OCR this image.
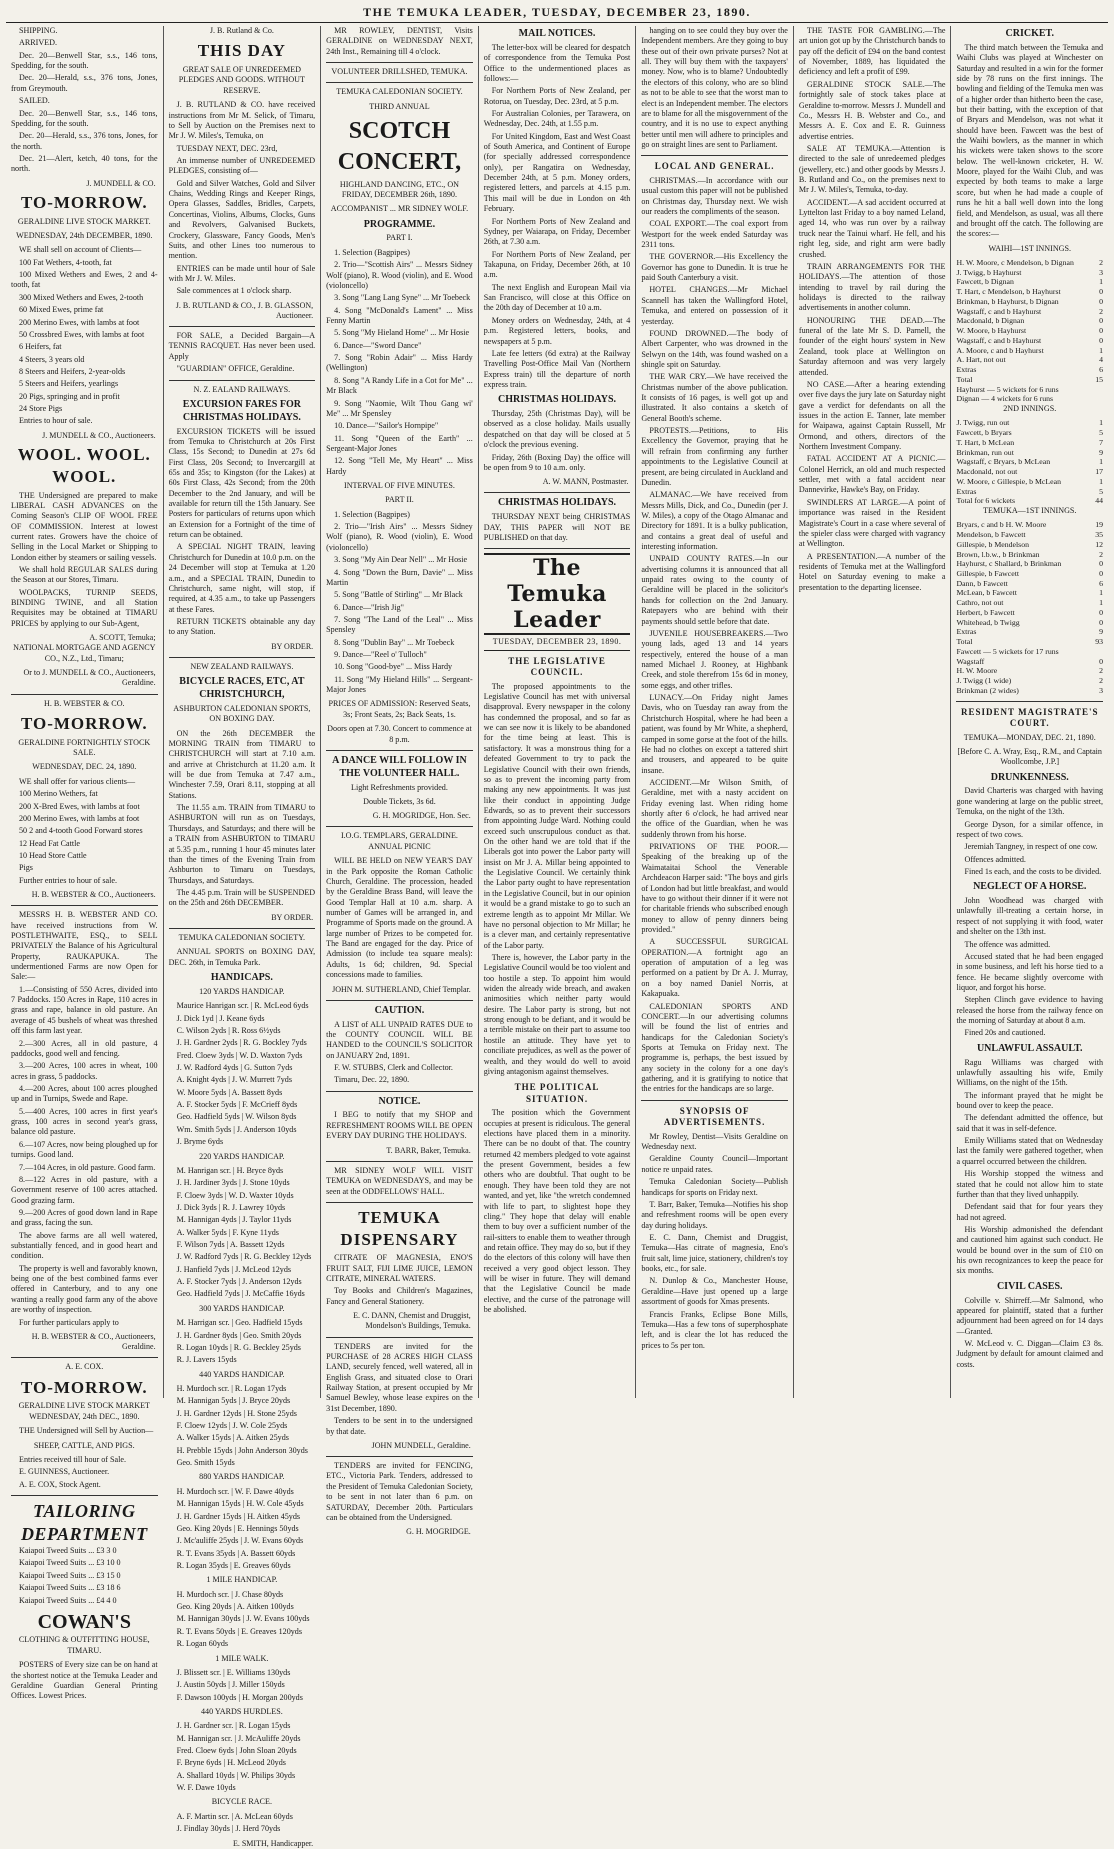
THE TEMUKA LEADER, TUESDAY, DECEMBER 23, 1890.

SHIPPING.

ARRIVED.

Dec. 20—Benwell Star, s.s., 146 tons, Spedding, for the south.

Dec. 20—Herald, s.s., 376 tons, Jones, from Greymouth.

SAILED.

Dec. 20—Benwell Star, s.s., 146 tons, Spedding, for the south.

Dec. 20—Herald, s.s., 376 tons, Jones, for the north.

Dec. 21—Alert, ketch, 40 tons, for the north.

J. MUNDELL & CO.
TO-MORROW.
GERALDINE LIVE STOCK MARKET.
WEDNESDAY, 24th DECEMBER, 1890.

WE shall sell on account of Clients—

100 Fat Wethers, 4-tooth, fat

100 Mixed Wethers and Ewes, 2 and 4-tooth, fat

300 Mixed Wethers and Ewes, 2-tooth

60 Mixed Ewes, prime fat

200 Merino Ewes, with lambs at foot

50 Crossbred Ewes, with lambs at foot

6 Heifers, fat

4 Steers, 3 years old

8 Steers and Heifers, 2-year-olds

5 Steers and Heifers, yearlings

20 Pigs, springing and in profit

24 Store Pigs

Entries to hour of sale.

J. MUNDELL & CO., Auctioneers.
WOOL. WOOL. WOOL.

THE Undersigned are prepared to make LIBERAL CASH ADVANCES on the Coming Season's CLIP OF WOOL FREE OF COMMISSION. Interest at lowest current rates. Growers have the choice of Selling in the Local Market or Shipping to London either by steamers or sailing vessels.

We shall hold REGULAR SALES during the Season at our Stores, Timaru.

WOOLPACKS, TURNIP SEEDS, BINDING TWINE, and all Station Requisites may be obtained at TIMARU PRICES by applying to our Sub-Agent,

A. SCOTT, Temuka;
NATIONAL MORTGAGE AND AGENCY CO., N.Z., Ltd., Timaru;
Or to J. MUNDELL & CO., Auctioneers, Geraldine.
H. B. WEBSTER & CO.
TO-MORROW.
GERALDINE FORTNIGHTLY STOCK SALE.
WEDNESDAY, DEC. 24, 1890.

WE shall offer for various clients—

100 Merino Wethers, fat

200 X-Bred Ewes, with lambs at foot

200 Merino Ewes, with lambs at foot

50 2 and 4-tooth Good Forward stores

12 Head Fat Cattle

10 Head Store Cattle

Pigs

Further entries to hour of sale.

H. B. WEBSTER & CO., Auctioneers.

MESSRS H. B. WEBSTER AND CO. have received instructions from W. POSTLETHWAITE, ESQ., to SELL PRIVATELY the Balance of his Agricultural Property, RAUKAPUKA. The undermentioned Farms are now Open for Sale:—

1.—Consisting of 550 Acres, divided into 7 Paddocks. 150 Acres in Rape, 110 acres in grass and rape, balance in old pasture. An average of 45 bushels of wheat was threshed off this farm last year.

2.—300 Acres, all in old pasture, 4 paddocks, good well and fencing.

3.—200 Acres, 100 acres in wheat, 100 acres in grass, 5 paddocks.

4.—200 Acres, about 100 acres ploughed up and in Turnips, Swede and Rape.

5.—400 Acres, 100 acres in first year's grass, 100 acres in second year's grass, balance old pasture.

6.—107 Acres, now being ploughed up for turnips. Good land.

7.—104 Acres, in old pasture. Good farm.

8.—122 Acres in old pasture, with a Government reserve of 100 acres attached. Good grazing farm.

9.—200 Acres of good down land in Rape and grass, facing the sun.

The above farms are all well watered, substantially fenced, and in good heart and condition.

The property is well and favorably known, being one of the best combined farms ever offered in Canterbury, and to any one wanting a really good farm any of the above are worthy of inspection.

For further particulars apply to

H. B. WEBSTER & CO., Auctioneers, Geraldine.
A. E. COX.
TO-MORROW.
GERALDINE LIVE STOCK MARKET WEDNESDAY, 24th DEC., 1890.

THE Undersigned will Sell by Auction—

SHEEP, CATTLE, AND PIGS.

Entries received till hour of Sale.

E. GUINNESS, Auctioneer.

A. E. COX, Stock Agent.

TAILORING DEPARTMENT

Kaiapoi Tweed Suits ... £3 3 0

Kaiapoi Tweed Suits ... £3 10 0

Kaiapoi Tweed Suits ... £3 15 0

Kaiapoi Tweed Suits ... £3 18 6

Kaiapoi Tweed Suits ... £4 4 0

COWAN'S
CLOTHING & OUTFITTING HOUSE, TIMARU.

POSTERS of Every size can be on hand at the shortest notice at the Temuka Leader and Geraldine Guardian General Printing Offices. Lowest Prices.

J. B. Rutland & Co.
THIS DAY
GREAT SALE OF UNREDEEMED PLEDGES AND GOODS. WITHOUT RESERVE.

J. B. RUTLAND & CO. have received instructions from Mr M. Selick, of Timaru, to Sell by Auction on the Premises next to Mr J. W. Miles's, Temuka, on

TUESDAY NEXT, DEC. 23rd,

An immense number of UNREDEEMED PLEDGES, consisting of—

Gold and Silver Watches, Gold and Silver Chains, Wedding Rings and Keeper Rings, Opera Glasses, Saddles, Bridles, Carpets, Concertinas, Violins, Albums, Clocks, Guns and Revolvers, Galvanised Buckets, Crockery, Glassware, Fancy Goods, Men's Suits, and other Lines too numerous to mention.

ENTRIES can be made until hour of Sale with Mr J. W. Miles.

Sale commences at 1 o'clock sharp.

J. B. RUTLAND & CO., J. B. GLASSON, Auctioneer.

FOR SALE, a Decided Bargain—A TENNIS RACQUET. Has never been used. Apply

"GUARDIAN" OFFICE, Geraldine.

N. Z. EALAND RAILWAYS.
EXCURSION FARES FOR CHRISTMAS HOLIDAYS.

EXCURSION TICKETS will be issued from Temuka to Christchurch at 20s First Class, 15s Second; to Dunedin at 27s 6d First Class, 20s Second; to Invercargill at 65s and 35s; to Kingston (for the Lakes) at 60s First Class, 42s Second; from the 20th December to the 2nd January, and will be available for return till the 15th January. See Posters for particulars of returns upon which an Extension for a Fortnight of the time of return can be obtained.

A SPECIAL NIGHT TRAIN, leaving Christchurch for Dunedin at 10.0 p.m. on the 24 December will stop at Temuka at 1.20 a.m., and a SPECIAL TRAIN, Dunedin to Christchurch, same night, will stop, if required, at 4.35 a.m., to take up Passengers at these Fares.

RETURN TICKETS obtainable any day to any Station.

BY ORDER.
NEW ZEALAND RAILWAYS.
BICYCLE RACES, ETC, AT CHRISTCHURCH,
ASHBURTON CALEDONIAN SPORTS, ON BOXING DAY.

ON the 26th DECEMBER the MORNING TRAIN from TIMARU to CHRISTCHURCH will start at 7.10 a.m. and arrive at Christchurch at 11.20 a.m. It will be due from Temuka at 7.47 a.m., Winchester 7.59, Orari 8.11, stopping at all Stations.

The 11.55 a.m. TRAIN from TIMARU to ASHBURTON will run as on Tuesdays, Thursdays, and Saturdays; and there will be a TRAIN from ASHBURTON to TIMARU at 5.35 p.m., running 1 hour 45 minutes later than the times of the Evening Train from Ashburton to Timaru on Tuesdays, Thursdays, and Saturdays.

The 4.45 p.m. Train will be SUSPENDED on the 25th and 26th DECEMBER.

BY ORDER.
TEMUKA CALEDONIAN SOCIETY.

ANNUAL SPORTS on BOXING DAY, DEC. 26th, in Temuka Park.

HANDICAPS.
120 YARDS HANDICAP.

Maurice Hanrigan scr. | R. McLeod 6yds

J. Dick 1yd | J. Keane 6yds

C. Wilson 2yds | R. Ross 6½yds

J. H. Gardner 2yds | R. G. Bockley 7yds

Fred. Cloew 3yds | W. D. Waxton 7yds

J. W. Radford 4yds | G. Sutton 7yds

A. Knight 4yds | J. W. Murrett 7yds

W. Moore 5yds | A. Bassett 8yds

A. F. Stocker 5yds | F. McCrieff 8yds

Geo. Hadfield 5yds | W. Wilson 8yds

Wm. Smith 5yds | J. Anderson 10yds

J. Bryme 6yds

220 YARDS HANDICAP.

M. Hanrigan scr. | H. Bryce 8yds

J. H. Jardiner 3yds | J. Stone 10yds

F. Cloew 3yds | W. D. Waxter 10yds

J. Dick 3yds | R. J. Lawrey 10yds

M. Hannigan 4yds | J. Taylor 11yds

A. Walker 5yds | F. Kyne 11yds

F. Wilson 7yds | A. Bassett 12yds

J. W. Radford 7yds | R. G. Beckley 12yds

J. Hanfield 7yds | J. McLeod 12yds

A. F. Stocker 7yds | J. Anderson 12yds

Geo. Hadfield 7yds | J. McCaffie 16yds

300 YARDS HANDICAP.

M. Harrigan scr. | Geo. Hadfield 15yds

J. H. Gardner 8yds | Geo. Smith 20yds

R. Logan 10yds | R. G. Beckley 25yds

R. J. Lavers 15yds

440 YARDS HANDICAP.

H. Murdoch scr. | R. Logan 17yds

M. Hannigan 5yds | J. Bryce 20yds

J. H. Gardner 12yds | H. Stone 25yds

F. Cloew 12yds | J. W. Cole 25yds

A. Walker 15yds | A. Aitken 25yds

H. Prebble 15yds | John Anderson 30yds

Geo. Smith 15yds

880 YARDS HANDICAP.

H. Murdoch scr. | W. F. Dawe 40yds

M. Hannigan 15yds | H. W. Cole 45yds

J. H. Gardner 15yds | H. Aitken 45yds

Geo. King 20yds | E. Hennings 50yds

J. Mc'auliffe 25yds | J. W. Evans 60yds

R. T. Evans 35yds | A. Bassett 60yds

R. Logan 35yds | E. Greaves 60yds

1 MILE HANDICAP.

H. Murdoch scr. | J. Chase 80yds

Geo. King 20yds | A. Aitken 100yds

M. Hannigan 30yds | J. W. Evans 100yds

R. T. Evans 50yds | E. Greaves 120yds

R. Logan 60yds

1 MILE WALK.

J. Blissett scr. | E. Williams 130yds

J. Austin 50yds | J. Miller 150yds

F. Dawson 100yds | H. Morgan 200yds

440 YARDS HURDLES.

J. H. Gardner scr. | R. Logan 15yds

M. Hannigan scr. | J. McAuliffe 20yds

Fred. Cloew 6yds | John Sloan 20yds

F. Bryne 6yds | H. McLeod 20yds

A. Shallard 10yds | W. Philips 30yds

W. F. Dawe 10yds

BICYCLE RACE.

A. F. Martin scr. | A. McLean 60yds

J. Findlay 30yds | J. Herd 70yds

E. SMITH, Handicapper.

MR ROWLEY, DENTIST, Visits GERALDINE on WEDNESDAY NEXT, 24th Inst., Remaining till 4 o'clock.

VOLUNTEER DRILLSHED, TEMUKA.
TEMUKA CALEDONIAN SOCIETY.
THIRD ANNUAL
SCOTCH CONCERT,
HIGHLAND DANCING, ETC., ON FRIDAY, DECEMBER 26th, 1890.
ACCOMPANIST ... MR SIDNEY WOLF.
PROGRAMME.
PART I.

1. Selection (Bagpipes)

2. Trio—"Scottish Airs" ... Messrs Sidney Wolf (piano), R. Wood (violin), and E. Wood (violoncello)

3. Song "Lang Lang Syne" ... Mr Toebeck

4. Song "McDonald's Lament" ... Miss Fenny Martin

5. Song "My Hieland Home" ... Mr Hosie

6. Dance—"Sword Dance"

7. Song "Robin Adair" ... Miss Hardy (Wellington)

8. Song "A Randy Life in a Cot for Me" ... Mr Black

9. Song "Naomie, Wilt Thou Gang wi' Me" ... Mr Spensley

10. Dance—"Sailor's Hornpipe"

11. Song "Queen of the Earth" ... Sergeant-Major Jones

12. Song "Tell Me, My Heart" ... Miss Hardy

INTERVAL OF FIVE MINUTES.
PART II.

1. Selection (Bagpipes)

2. Trio—"Irish Airs" ... Messrs Sidney Wolf (piano), R. Wood (violin), E. Wood (violoncello)

3. Song "My Ain Dear Nell" ... Mr Hosie

4. Song "Down the Burn, Davie" ... Miss Martin

5. Song "Battle of Stirling" ... Mr Black

6. Dance—"Irish Jig"

7. Song "The Land of the Leal" ... Miss Spensley

8. Song "Dublin Bay" ... Mr Toebeck

9. Dance—"Reel o' Tulloch"

10. Song "Good-bye" ... Miss Hardy

11. Song "My Hieland Hills" ... Sergeant-Major Jones

PRICES OF ADMISSION: Reserved Seats, 3s; Front Seats, 2s; Back Seats, 1s.
Doors open at 7.30. Concert to commence at 8 p.m.
A DANCE WILL FOLLOW IN THE VOLUNTEER HALL.
Light Refreshments provided.
Double Tickets, 3s 6d.
G. H. MOGRIDGE, Hon. Sec.
I.O.G. TEMPLARS, GERALDINE. ANNUAL PICNIC

WILL BE HELD on NEW YEAR'S DAY in the Park opposite the Roman Catholic Church, Geraldine. The procession, headed by the Geraldine Brass Band, will leave the Good Templar Hall at 10 a.m. sharp. A number of Games will be arranged in, and Programme of Sports made on the ground. A large number of Prizes to be competed for. The Band are engaged for the day. Price of Admission (to include tea square meals): Adults, 1s 6d; children, 9d. Special concessions made to families.

JOHN M. SUTHERLAND, Chief Templar.
CAUTION.

A LIST of ALL UNPAID RATES DUE to the COUNTY COUNCIL WILL BE HANDED to the COUNCIL'S SOLICITOR on JANUARY 2nd, 1891.

F. W. STUBBS, Clerk and Collector.

Timaru, Dec. 22, 1890.

NOTICE.

I BEG to notify that my SHOP and REFRESHMENT ROOMS WILL BE OPEN EVERY DAY DURING THE HOLIDAYS.

T. BARR, Baker, Temuka.

MR SIDNEY WOLF WILL VISIT TEMUKA on WEDNESDAYS, and may be seen at the ODDFELLOWS' HALL.

TEMUKA DISPENSARY

CITRATE OF MAGNESIA, ENO'S FRUIT SALT, FIJI LIME JUICE, LEMON CITRATE, MINERAL WATERS.

Toy Books and Children's Magazines, Fancy and General Stationery.

E. C. DANN, Chemist and Druggist, Mondelson's Buildings, Temuka.

TENDERS are invited for the PURCHASE of 28 ACRES HIGH CLASS LAND, securely fenced, well watered, all in English Grass, and situated close to Orari Railway Station, at present occupied by Mr Samuel Bewley, whose lease expires on the 31st December, 1890.

Tenders to be sent in to the undersigned by that date.

JOHN MUNDELL, Geraldine.

TENDERS are invited for FENCING, ETC., Victoria Park. Tenders, addressed to the President of Temuka Caledonian Society, to be sent in not later than 6 p.m. on SATURDAY, December 20th. Particulars can be obtained from the Undersigned.

G. H. MOGRIDGE.
MAIL NOTICES.

The letter-box will be cleared for despatch of correspondence from the Temuka Post Office to the undermentioned places as follows:—

For Northern Ports of New Zealand, per Rotorua, on Tuesday, Dec. 23rd, at 5 p.m.

For Australian Colonies, per Tarawera, on Wednesday, Dec. 24th, at 1.55 p.m.

For United Kingdom, East and West Coast of South America, and Continent of Europe (for specially addressed correspondence only), per Rangatira on Wednesday, December 24th, at 5 p.m. Money orders, registered letters, and parcels at 4.15 p.m. This mail will be due in London on 4th February.

For Northern Ports of New Zealand and Sydney, per Waiarapa, on Friday, December 26th, at 7.30 a.m.

For Northern Ports of New Zealand, per Takapuna, on Friday, December 26th, at 10 a.m.

The next English and European Mail via San Francisco, will close at this Office on the 20th day of December at 10 a.m.

Money orders on Wednesday, 24th, at 4 p.m. Registered letters, books, and newspapers at 5 p.m.

Late fee letters (6d extra) at the Railway Travelling Post-Office Mail Van (Northern Express train) till the departure of north express train.

CHRISTMAS HOLIDAYS.

Thursday, 25th (Christmas Day), will be observed as a close holiday. Mails usually despatched on that day will be closed at 5 o'clock the previous evening.

Friday, 26th (Boxing Day) the office will be open from 9 to 10 a.m. only.

A. W. MANN, Postmaster.
CHRISTMAS HOLIDAYS.

THURSDAY NEXT being CHRISTMAS DAY, THIS PAPER will NOT BE PUBLISHED on that day.

The Temuka Leader
TUESDAY, DECEMBER 23, 1890.
THE LEGISLATIVE COUNCIL.

The proposed appointments to the Legislative Council has met with universal disapproval. Every newspaper in the colony has condemned the proposal, and so far as we can see now it is likely to be abandoned for the time being at least. This is satisfactory. It was a monstrous thing for a defeated Government to try to pack the Legislative Council with their own friends, so as to prevent the incoming party from making any new appointments. It was just like their conduct in appointing Judge Edwards, so as to prevent their successors from appointing Judge Ward. Nothing could exceed such unscrupulous conduct as that. On the other hand we are told that if the Liberals got into power the Labor party will insist on Mr J. A. Millar being appointed to the Legislative Council. We certainly think the Labor party ought to have representation in the Legislative Council, but in our opinion it would be a grand mistake to go to such an extreme length as to appoint Mr Millar. We have no personal objection to Mr Millar; he is a clever man, and certainly representative of the Labor party.

There is, however, the Labor party in the Legislative Council would be too violent and too hostile a step. To appoint him would widen the already wide breach, and awaken animosities which neither party would desire. The Labor party is strong, but not strong enough to be defiant, and it would be a terrible mistake on their part to assume too hostile an attitude. They have yet to conciliate prejudices, as well as the power of wealth, and they would do well to avoid giving antagonism against themselves.

THE POLITICAL SITUATION.

The position which the Government occupies at present is ridiculous. The general elections have placed them in a minority. There can be no doubt of that. The country returned 42 members pledged to vote against the present Government, besides a few others who are doubtful. That ought to be enough. They have been told they are not wanted, and yet, like "the wretch condemned with life to part, to slightest hope they cling." They hope that delay will enable them to buy over a sufficient number of the rail-sitters to enable them to weather through and retain office. They may do so, but if they do the electors of this colony will have then received a very good object lesson. They will be wiser in future. They will demand that the Legislative Council be made elective, and the curse of the patronage will be abolished.

hanging on to see could they buy over the Independent members. Are they going to buy these out of their own private purses? Not at all. They will buy them with the taxpayers' money. Now, who is to blame? Undoubtedly the electors of this colony, who are so blind as not to be able to see that the worst man to elect is an Independent member. The electors are to blame for all the misgovernment of the country, and it is no use to expect anything better until men will adhere to principles and go on straight lines are sent to Parliament.

LOCAL AND GENERAL.

CHRISTMAS.—In accordance with our usual custom this paper will not be published on Christmas day, Thursday next. We wish our readers the compliments of the season.

COAL EXPORT.—The coal export from Westport for the week ended Saturday was 2311 tons.

THE GOVERNOR.—His Excellency the Governor has gone to Dunedin. It is true he paid South Canterbury a visit.

HOTEL CHANGES.—Mr Michael Scannell has taken the Wallingford Hotel, Temuka, and entered on possession of it yesterday.

FOUND DROWNED.—The body of Albert Carpenter, who was drowned in the Selwyn on the 14th, was found washed on a shingle spit on Saturday.

THE WAR CRY.—We have received the Christmas number of the above publication. It consists of 16 pages, is well got up and illustrated. It also contains a sketch of General Booth's scheme.

PROTESTS.—Petitions, to His Excellency the Governor, praying that he will refrain from confirming any further appointments to the Legislative Council at present, are being circulated in Auckland and Dunedin.

ALMANAC.—We have received from Messrs Mills, Dick, and Co., Dunedin (per J. W. Miles), a copy of the Otago Almanac and Directory for 1891. It is a bulky publication, and contains a great deal of useful and interesting information.

UNPAID COUNTY RATES.—In our advertising columns it is announced that all unpaid rates owing to the county of Geraldine will be placed in the solicitor's hands for collection on the 2nd January. Ratepayers who are behind with their payments should settle before that date.

JUVENILE HOUSEBREAKERS.—Two young lads, aged 13 and 14 years respectively, entered the house of a man named Michael J. Rooney, at Highbank Creek, and stole therefrom 15s 6d in money, some eggs, and other trifles.

LUNACY.—On Friday night James Davis, who on Tuesday ran away from the Christchurch Hospital, where he had been a patient, was found by Mr White, a shepherd, camped in some gorse at the foot of the hills. He had no clothes on except a tattered shirt and trousers, and appeared to be quite insane.

ACCIDENT.—Mr Wilson Smith, of Geraldine, met with a nasty accident on Friday evening last. When riding home shortly after 6 o'clock, he had arrived near the office of the Guardian, when he was suddenly thrown from his horse.

PRIVATIONS OF THE POOR.—Speaking of the breaking up of the Waimataitai School the Venerable Archdeacon Harper said: "The boys and girls of London had but little breakfast, and would have to go without their dinner if it were not for charitable friends who subscribed enough money to allow of penny dinners being provided."

A SUCCESSFUL SURGICAL OPERATION.—A fortnight ago an operation of amputation of a leg was performed on a patient by Dr A. J. Murray, on a boy named Daniel Norris, at Kakapuaka.

CALEDONIAN SPORTS AND CONCERT.—In our advertising columns will be found the list of entries and handicaps for the Caledonian Society's Sports at Temuka on Friday next. The programme is, perhaps, the best issued by any society in the colony for a one day's gathering, and it is gratifying to notice that the entries for the handicaps are so large.

SYNOPSIS OF ADVERTISEMENTS.

Mr Rowley, Dentist—Visits Geraldine on Wednesday next.

Geraldine County Council—Important notice re unpaid rates.

Temuka Caledonian Society—Publish handicaps for sports on Friday next.

T. Barr, Baker, Temuka—Notifies his shop and refreshment rooms will be open every day during holidays.

E. C. Dann, Chemist and Druggist, Temuka—Has citrate of magnesia, Eno's fruit salt, lime juice, stationery, children's toy books, etc., for sale.

N. Dunlop & Co., Manchester House, Geraldine—Have just opened up a large assortment of goods for Xmas presents.

Francis Franks, Eclipse Bone Mills, Temuka—Has a few tons of superphosphate left, and is clear the lot has reduced the prices to 5s per ton.

THE TASTE FOR GAMBLING.—The art union got up by the Christchurch bands to pay off the deficit of £94 on the band contest of November, 1889, has liquidated the deficiency and left a profit of £99.

GERALDINE STOCK SALE.—The fortnightly sale of stock takes place at Geraldine to-morrow. Messrs J. Mundell and Co., Messrs H. B. Webster and Co., and Messrs A. E. Cox and E. R. Guinness advertise entries.

SALE AT TEMUKA.—Attention is directed to the sale of unredeemed pledges (jewellery, etc.) and other goods by Messrs J. B. Rutland and Co., on the premises next to Mr J. W. Miles's, Temuka, to-day.

ACCIDENT.—A sad accident occurred at Lyttelton last Friday to a boy named Leland, aged 14, who was run over by a railway truck near the Tainui wharf. He fell, and his right leg, side, and right arm were badly crushed.

TRAIN ARRANGEMENTS FOR THE HOLIDAYS.—The attention of those intending to travel by rail during the holidays is directed to the railway advertisements in another column.

HONOURING THE DEAD.—The funeral of the late Mr S. D. Parnell, the founder of the eight hours' system in New Zealand, took place at Wellington on Saturday afternoon and was very largely attended.

NO CASE.—After a hearing extending over five days the jury late on Saturday night gave a verdict for defendants on all the issues in the action E. Tanner, late member for Waipawa, against Captain Russell, Mr Ormond, and others, directors of the Northern Investment Company.

FATAL ACCIDENT AT A PICNIC.—Colonel Herrick, an old and much respected settler, met with a fatal accident near Dannevirke, Hawke's Bay, on Friday.

SWINDLERS AT LARGE.—A point of importance was raised in the Resident Magistrate's Court in a case where several of the spieler class were charged with vagrancy at Wellington.

A PRESENTATION.—A number of the residents of Temuka met at the Wallingford Hotel on Saturday evening to make a presentation to the departing licensee.

CRICKET.

The third match between the Temuka and Waihi Clubs was played at Winchester on Saturday and resulted in a win for the former side by 78 runs on the first innings. The bowling and fielding of the Temuka men was of a higher order than hitherto been the case, but their batting, with the exception of that of Bryars and Mendelson, was not what it should have been. Fawcett was the best of the Waihi bowlers, as the manner in which his wickets were taken shows to the score below. The well-known cricketer, H. W. Moore, played for the Waihi Club, and was expected by both teams to make a large score, but when he had made a couple of runs he hit a ball well down into the long field, and Mendelson, as usual, was all there and brought off the catch. The following are the scores:—

WAIHI—1ST INNINGS.
H. W. Moore, c Mendelson, b Dignan	2
J. Twigg, b Hayhurst	3
Fawcett, b Dignan	1
T. Hart, c Mendelson, b Hayhurst	0
Brinkman, b Hayhurst, b Dignan	0
Wagstaff, c and b Hayhurst	2
Macdonald, b Dignan	0
W. Moore, b Hayhurst	0
Wagstaff, c and b Hayhurst	0
A. Moore, c and b Hayhurst	1
A. Hart, not out	4
Extras	6
Total	15
Hayhurst — 5 wickets for 6 runs	
Dignan — 4 wickets for 6 runs	
2ND INNINGS.
J. Twigg, run out	1
Fawcett, b Bryars	5
T. Hart, b McLean	7
Brinkman, run out	9
Wagstaff, c Bryars, b McLean	1
Macdonald, not out	17
W. Moore, c Gillespie, b McLean	1
Extras	5
Total for 6 wickets	44
TEMUKA—1ST INNINGS.
Bryars, c and b H. W. Moore	19
Mendelson, b Fawcett	35
Gillespie, b Mendelson	12
Brown, l.b.w., b Brinkman	2
Hayhurst, c Shallard, b Brinkman	0
Gillespie, b Fawcett	0
Dann, b Fawcett	6
McLean, b Fawcett	1
Cathro, not out	1
Herbert, b Fawcett	0
Whitehead, b Twigg	0
Extras	9
Total	93
Fawcett — 5 wickets for 17 runs	
Wagstaff	0
H. W. Moore	2
J. Twigg (1 wide)	2
Brinkman (2 wides)	3
RESIDENT MAGISTRATE'S COURT.
TEMUKA—MONDAY, DEC. 21, 1890.
[Before C. A. Wray, Esq., R.M., and Captain Woollcombe, J.P.]
DRUNKENNESS.

David Charteris was charged with having gone wandering at large on the public street, Temuka, on the night of the 13th.

George Dyson, for a similar offence, in respect of two cows.

Jeremiah Tangney, in respect of one cow.

Offences admitted.

Fined 1s each, and the costs to be divided.

NEGLECT OF A HORSE.

John Woodhead was charged with unlawfully ill-treating a certain horse, in respect of not supplying it with food, water and shelter on the 13th inst.

The offence was admitted.

Accused stated that he had been engaged in some business, and left his horse tied to a fence. He became slightly overcome with liquor, and forgot his horse.

Stephen Clinch gave evidence to having released the horse from the railway fence on the morning of Saturday at about 8 a.m.

Fined 20s and cautioned.

UNLAWFUL ASSAULT.

Ragu Williams was charged with unlawfully assaulting his wife, Emily Williams, on the night of the 15th.

The informant prayed that he might be bound over to keep the peace.

The defendant admitted the offence, but said that it was in self-defence.

Emily Williams stated that on Wednesday last the family were gathered together, when a quarrel occurred between the children.

His Worship stopped the witness and stated that he could not allow him to state further than that they lived unhappily.

Defendant said that for four years they had not agreed.

His Worship admonished the defendant and cautioned him against such conduct. He would be bound over in the sum of £10 on his own recognizances to keep the peace for six months.

CIVIL CASES.

Colville v. Shirreff.—Mr Salmond, who appeared for plaintiff, stated that a further adjournment had been agreed on for 14 days—Granted.

W. McLeod v. C. Diggan—Claim £3 8s. Judgment by default for amount claimed and costs.
